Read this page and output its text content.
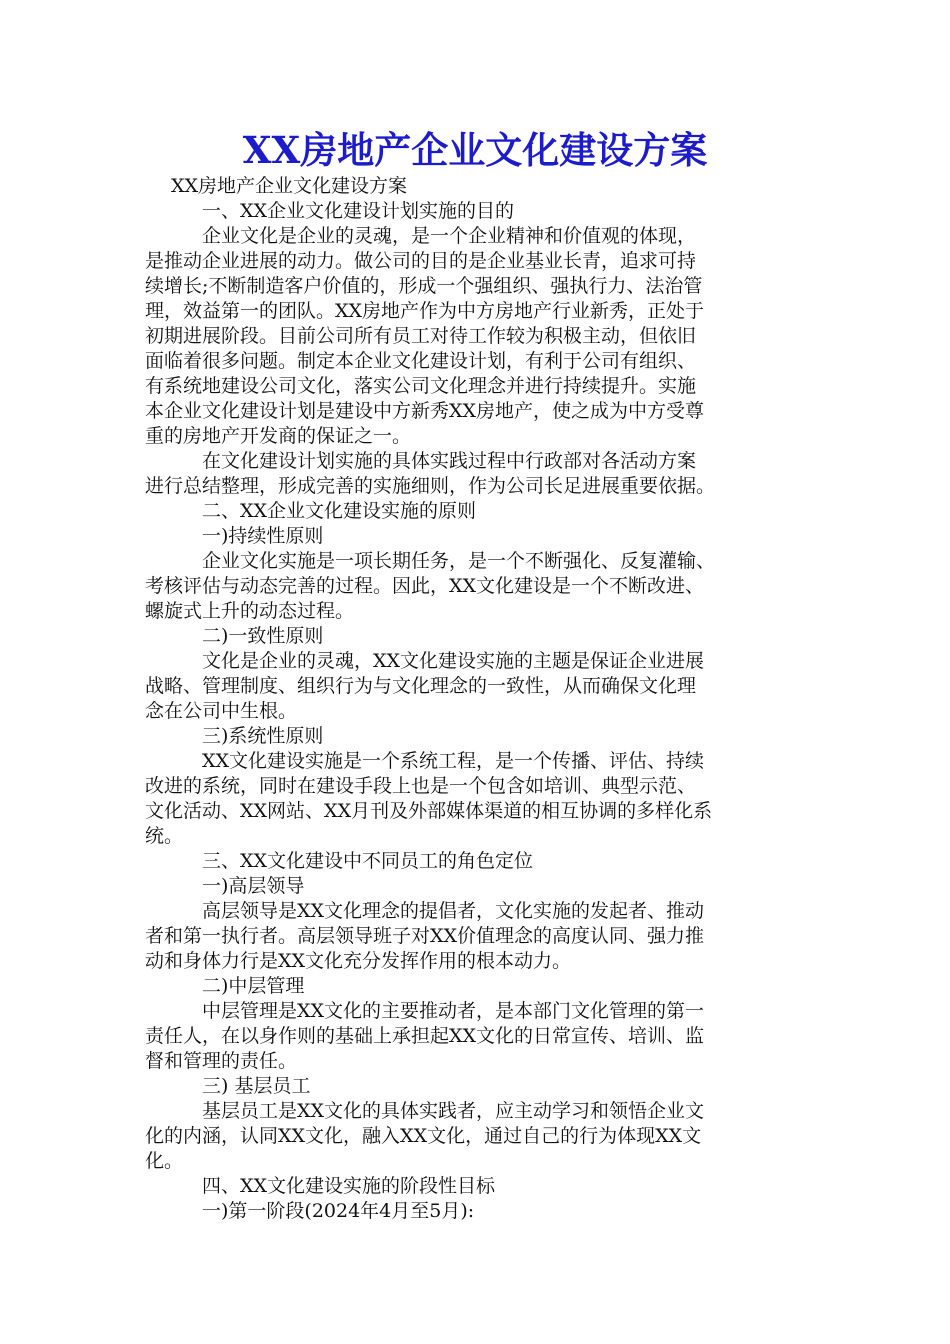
XX房地产企业文化建设方案
XX房地产企业文化建设方案
一、XX企业文化建设计划实施的目的
企业文化是企业的灵魂，是一个企业精神和价值观的体现，
是推动企业进展的动力。做公司的目的是企业基业长青，追求可持
续增长;不断制造客户价值的，形成一个强组织、强执行力、法治管
理，效益第一的团队。XX房地产作为中方房地产行业新秀，正处于
初期进展阶段。目前公司所有员工对待工作较为积极主动，但依旧
面临着很多问题。制定本企业文化建设计划，有利于公司有组织、
有系统地建设公司文化，落实公司文化理念并进行持续提升。实施
本企业文化建设计划是建设中方新秀XX房地产，使之成为中方受尊
重的房地产开发商的保证之一。
在文化建设计划实施的具体实践过程中行政部对各活动方案
进行总结整理，形成完善的实施细则，作为公司长足进展重要依据。
二、XX企业文化建设实施的原则
一)持续性原则
企业文化实施是一项长期任务，是一个不断强化、反复灌输、
考核评估与动态完善的过程。因此，XX文化建设是一个不断改进、
螺旋式上升的动态过程。
二)一致性原则
文化是企业的灵魂，XX文化建设实施的主题是保证企业进展
战略、管理制度、组织行为与文化理念的一致性，从而确保文化理
念在公司中生根。
三)系统性原则
XX文化建设实施是一个系统工程，是一个传播、评估、持续
改进的系统，同时在建设手段上也是一个包含如培训、典型示范、
文化活动、XX网站、XX月刊及外部媒体渠道的相互协调的多样化系
统。
三、XX文化建设中不同员工的角色定位
一)高层领导
高层领导是XX文化理念的提倡者，文化实施的发起者、推动
者和第一执行者。高层领导班子对XX价值理念的高度认同、强力推
动和身体力行是XX文化充分发挥作用的根本动力。
二)中层管理
中层管理是XX文化的主要推动者，是本部门文化管理的第一
责任人，在以身作则的基础上承担起XX文化的日常宣传、培训、监
督和管理的责任。
三) 基层员工
基层员工是XX文化的具体实践者，应主动学习和领悟企业文
化的内涵，认同XX文化，融入XX文化，通过自己的行为体现XX文
化。
四、XX文化建设实施的阶段性目标
一)第一阶段(2024年4月至5月):
